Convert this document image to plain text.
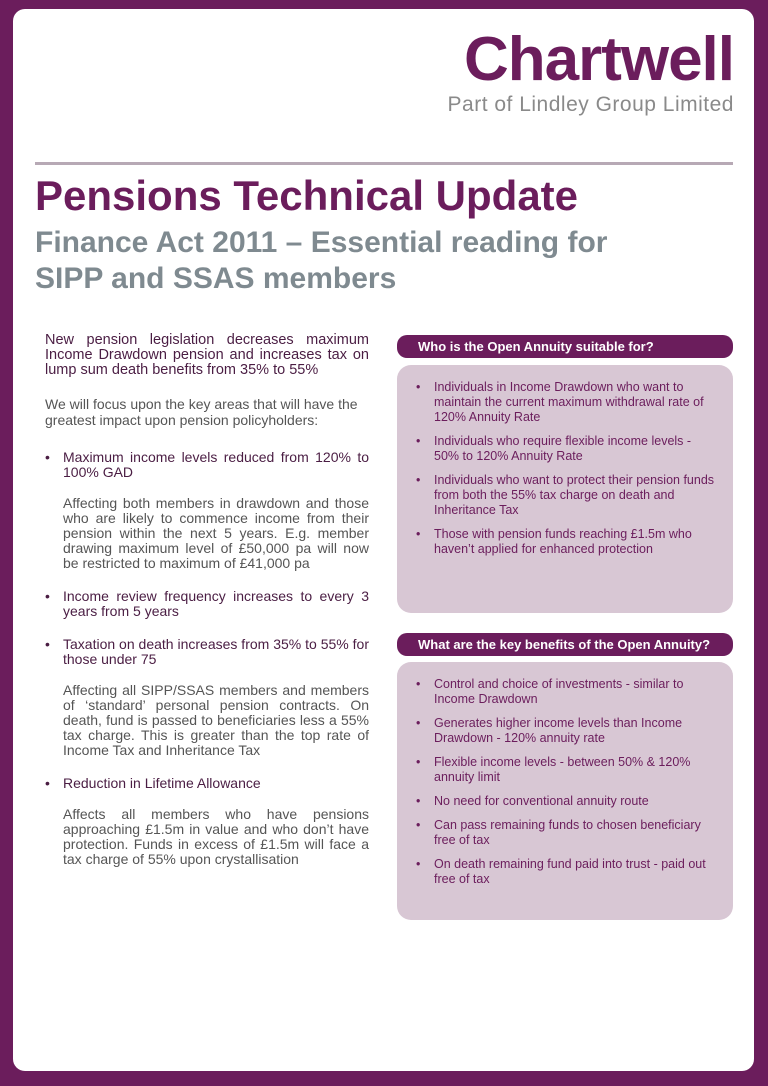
Chartwell
Part of Lindley Group Limited
Pensions Technical Update
Finance Act 2011 – Essential reading for SIPP and SSAS members

New pension legislation decreases maximum Income Drawdown pension and increases tax on lump sum death benefits from 35% to 55%

We will focus upon the key areas that will have the greatest impact upon pension policyholders:

• Maximum income levels reduced from 120% to 100% GAD
Affecting both members in drawdown and those who are likely to commence income from their pension within the next 5 years. E.g. member drawing maximum level of £50,000 pa will now be restricted to maximum of £41,000 pa
• Income review frequency increases to every 3 years from 5 years
• Taxation on death increases from 35% to 55% for those under 75
Affecting all SIPP/SSAS members and members of ‘standard’ personal pension contracts. On death, fund is passed to beneficiaries less a 55% tax charge. This is greater than the top rate of Income Tax and Inheritance Tax
• Reduction in Lifetime Allowance
Affects all members who have pensions approaching £1.5m in value and who don’t have protection. Funds in excess of £1.5m will face a tax charge of 55% upon crystallisation
Who is the Open Annuity suitable for?
• Individuals in Income Drawdown who want to maintain the current maximum withdrawal rate of 120% Annuity Rate
• Individuals who require flexible income levels - 50% to 120% Annuity Rate
• Individuals who want to protect their pension funds from both the 55% tax charge on death and Inheritance Tax
• Those with pension funds reaching £1.5m who haven’t applied for enhanced protection
What are the key benefits of the Open Annuity?
• Control and choice of investments - similar to Income Drawdown
• Generates higher income levels than Income Drawdown - 120% annuity rate
• Flexible income levels - between 50% & 120% annuity limit
• No need for conventional annuity route
• Can pass remaining funds to chosen beneficiary free of tax
• On death remaining fund paid into trust - paid out free of tax
